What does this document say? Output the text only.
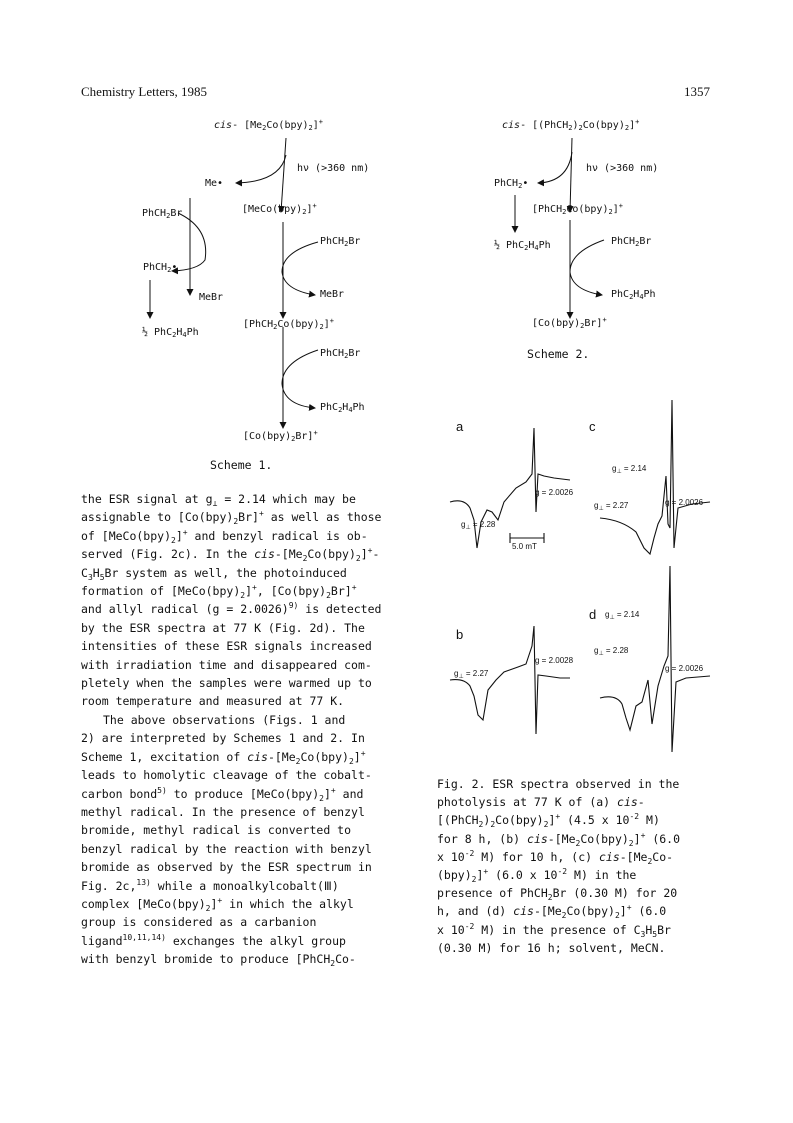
Chemistry Letters, 1985	1357
cis- $[Me_2Co(bpy)_2]^+$
hν (>360 nm)
Me•
$[MeCo(bpy)_2]^+$
PhCH$_2$Br
PhCH$_2$Br
PhCH$_2$•
MeBr
MeBr
$[PhCH_2Co(bpy)_2]^+$
½ $PhC_2H_4Ph$
PhCH$_2$Br
$PhC_2H_4Ph$
$[Co(bpy)_2Br]^+$
Scheme 1.
cis- $[(PhCH_2)_2Co(bpy)_2]^+$
hν (>360 nm)
PhCH$_2$•
$[PhCH_2Co(bpy)_2]^+$
½ $PhC_2H_4Ph$	PhCH$_2$Br
$PhC_2H_4Ph$
$[Co(bpy)_2Br]^+$
Scheme 2.

the ESR signal at $g_\perp = 2.14$ which may be

assignable to $[Co(bpy)_2Br]^+$ as well as those

of $[MeCo(bpy)_2]^+$ and benzyl radical is ob-

served (Fig. 2c). In the cis-$[Me_2Co(bpy)_2]^+-$

$C_3H_5Br$ system as well, the photoinduced

formation of $[MeCo(bpy)_2]^+$, $[Co(bpy)_2Br]^+$

and allyl radical (g = 2.0026)$^{9)}$ is detected

by the ESR spectra at 77 K (Fig. 2d). The

intensities of these ESR signals increased

with irradiation time and disappeared com-

pletely when the samples were warmed up to

room temperature and measured at 77 K.

The above observations (Figs. 1 and

2) are interpreted by Schemes 1 and 2. In

Scheme 1, excitation of cis-$[Me_2Co(bpy)_2]^+$

leads to homolytic cleavage of the cobalt-

carbon bond$^{5)}$ to produce $[MeCo(bpy)_2]^+$ and

methyl radical. In the presence of benzyl

bromide, methyl radical is converted to

benzyl radical by the reaction with benzyl

bromide as observed by the ESR spectrum in

Fig. 2c,$^{13)}$ while a monoalkylcobalt(Ⅲ)

complex $[MeCo(bpy)_2]^+$ in which the alkyl

group is considered as a carbanion

ligand$^{10,11,14)}$ exchanges the alkyl group

with benzyl bromide to produce [PhCH$_2$Co-

a
b
c
d
$g_\perp = 2.28$
g = 2.0026
5.0 mT
$g_\perp = 2.27$
g = 2.0028
$g_\perp = 2.14$
$g_\perp = 2.27$	g = 2.0026
$g_\perp = 2.14$
$g_\perp = 2.28$
g = 2.0026

Fig. 2. ESR spectra observed in the

photolysis at 77 K of (a) cis-

$[(PhCH_2)_2Co(bpy)_2]^+$ (4.5 x $10^{-2}$ M)

for 8 h, (b) cis-$[Me_2Co(bpy)_2]^+$ (6.0

x $10^{-2}$ M) for 10 h, (c) cis-[$Me_2Co-$

$(bpy)_2]^+$ (6.0 x $10^{-2}$ M) in the

presence of PhCH$_2$Br (0.30 M) for 20

h, and (d) cis-$[Me_2Co(bpy)_2]^+$ (6.0

x $10^{-2}$ M) in the presence of $C_3H_5Br$

(0.30 M) for 16 h; solvent, MeCN.
